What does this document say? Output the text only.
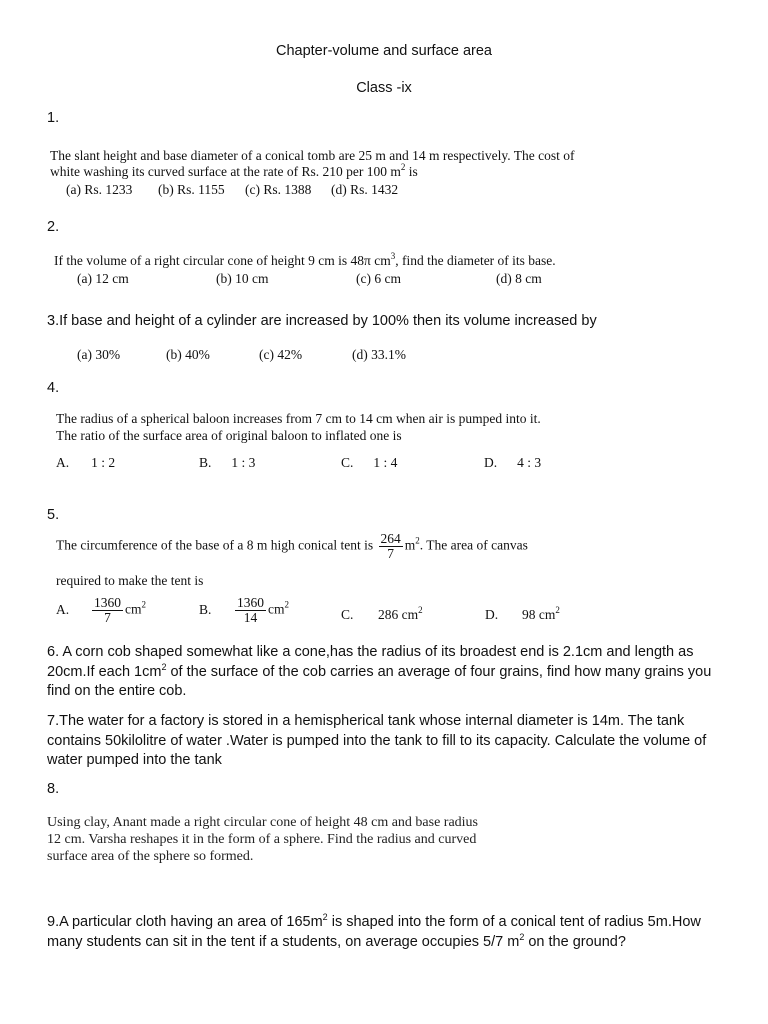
Chapter-volume and surface area
Class -ix
1.
The slant height and base diameter of a conical tomb are 25 m and 14 m respectively. The cost of
white washing its curved surface at the rate of Rs. 210 per 100 $m^2$ is
(a) Rs. 1233 (b) Rs. 1155 (c) Rs. 1388 (d) Rs. 1432
2.
If the volume of a right circular cone of height 9 cm is 48π $cm^3$, find the diameter of its base.
(a) 12 cm	(b) 10 cm	(c) 6 cm	(d) 8 cm
3.If base and height of a cylinder are increased by 100% then its volume increased by
(a) 30%	(b) 40%	(c) 42%	(d) 33.1%
4.
The radius of a spherical baloon increases from 7 cm to 14 cm when air is pumped into it.
The ratio of the surface area of original baloon to inflated one is
A. 1 : 2	B. 1 : 3	C. 1 : 4	D. 4 : 3
5.
The circumference of the base of a 8 m high conical tent is $\frac{264}{7} m^2$. The area of canvas
required to make the tent is
A. $\frac{1360}{7} cm^2$	B. $\frac{1360}{14} cm^2$
C. 286 $cm^2$	D. 98 $cm^2$
6. A corn cob shaped somewhat like a cone,has the radius of its broadest end is 2.1cm and length as 20cm.If each $1cm^2$ of the surface of the cob carries an average of four grains, find how many grains you find on the entire cob.
7.The water for a factory is stored in a hemispherical tank whose internal diameter is 14m. The tank contains 50kilolitre of water .Water is pumped into the tank to fill to its capacity. Calculate the volume of water pumped into the tank
8.
Using clay, Anant made a right circular cone of height 48 cm and base radius
12 cm. Varsha reshapes it in the form of a sphere. Find the radius and curved
surface area of the sphere so formed.
9.A particular cloth having an area of $165m^2$ is shaped into the form of a conical tent of radius 5m.How many students can sit in the tent if a students, on average occupies 5/7 $m^2$ on the ground?
